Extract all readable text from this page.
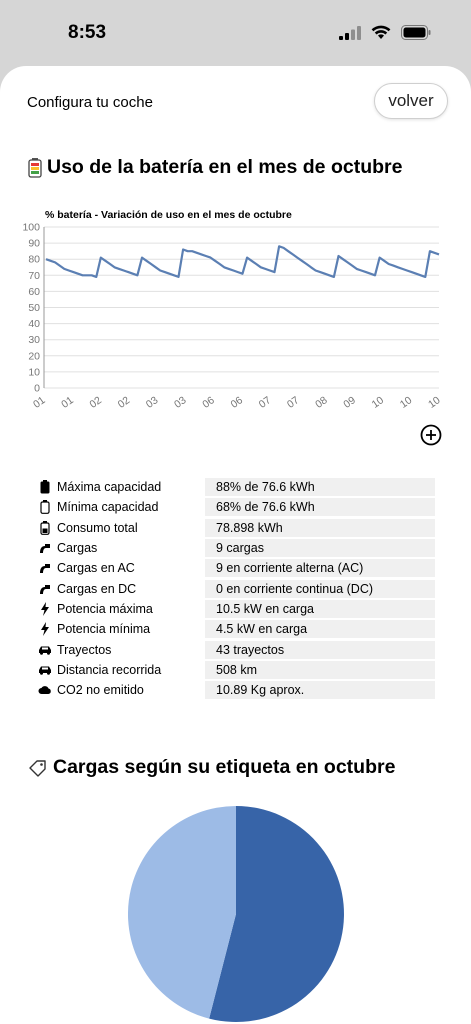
8:53
Configura tu coche	volver
Uso de la batería en el mes de octubre
% batería - Variación de uso en el mes de octubre
0
10
20
30
40
50
60
70
80
90
100
01 01 02 02 03 03 06 06 07 07 08 09 10 10 10
Máxima capacidad	88% de 76.6 kWh
Mínima capacidad	68% de 76.6 kWh
Consumo total	78.898 kWh
Cargas	9 cargas
Cargas en AC	9 en corriente alterna (AC)
Cargas en DC	0 en corriente continua (DC)
Potencia máxima	10.5 kW en carga
Potencia mínima	4.5 kW en carga
Trayectos	43 trayectos
Distancia recorrida	508 km
CO2 no emitido	10.89 Kg aprox.
Cargas según su etiqueta en octubre
